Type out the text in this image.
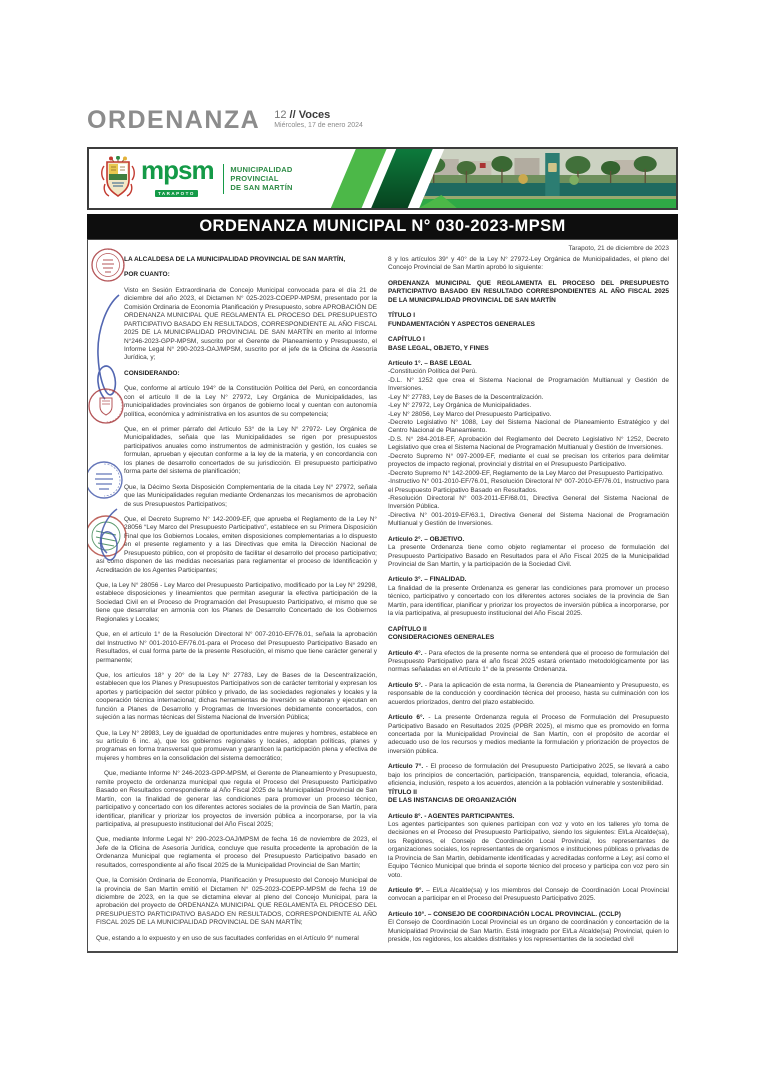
ORDENANZA 12 // Voces
Miércoles, 17 de enero 2024
mpsm
TARAPOTO
MUNICIPALIDAD PROVINCIAL
DE SAN MARTÍN
ORDENANZA MUNICIPAL N° 030-2023-MPSM
Tarapoto, 21 de diciembre de 2023

LA ALCALDESA DE LA MUNICIPALIDAD PROVINCIAL DE SAN MARTÍN,

POR CUANTO:

Visto en Sesión Extraordinaria de Concejo Municipal convocada para el día 21 de diciembre del año 2023, el Dictamen N° 025-2023-COEPP-MPSM, presentado por la Comisión Ordinaria de Economía Planificación y Presupuesto, sobre APROBACIÓN DE ORDENANZA MUNICIPAL QUE REGLAMENTA EL PROCESO DEL PRESUPUESTO PARTICIPATIVO BASADO EN RESULTADOS, CORRESPONDIENTE AL AÑO FISCAL 2025 DE LA MUNICIPALIDAD PROVINCIAL DE SAN MARTÍN en merito al Informe N°246-2023-GPP-MPSM, suscrito por el Gerente de Planeamiento y Presupuesto, el Informe Legal N° 290-2023-OAJ/MPSM, suscrito por el jefe de la Oficina de Asesoría Jurídica, y;

CONSIDERANDO:

Que, conforme al artículo 194° de la Constitución Política del Perú, en concordancia con el artículo II de la Ley N° 27972, Ley Orgánica de Municipalidades, las municipalidades provinciales son órganos de gobierno local y cuentan con autonomía política, económica y administrativa en los asuntos de su competencia;

Que, en el primer párrafo del Artículo 53° de la Ley N° 27972- Ley Orgánica de Municipalidades, señala que las Municipalidades se rigen por presupuestos participativos anuales como instrumentos de administración y gestión, los cuales se formulan, aprueban y ejecutan conforme a la ley de la materia, y en concordancia con los planes de desarrollo concertados de su jurisdicción. El presupuesto participativo forma parte del sistema de planificación;

Que, la Décimo Sexta Disposición Complementaria de la citada Ley N° 27972, señala que las Municipalidades regulan mediante Ordenanzas los mecanismos de aprobación de sus Presupuestos Participativos;

Que, el Decreto Supremo N° 142-2009-EF, que aprueba el Reglamento de la Ley N° 28056 “Ley Marco del Presupuesto Participativo”, establece en su Primera Disposición Final que los Gobiernos Locales, emiten disposiciones complementarias a lo dispuesto en el presente reglamento y a las Directivas que emita la Dirección Nacional de Presupuesto público, con el propósito de facilitar el desarrollo del proceso participativo; así como disponen de las medidas necesarias para reglamentar el proceso de Identificación y Acreditación de los Agentes Participantes;

Que, la Ley N° 28056 - Ley Marco del Presupuesto Participativo, modificado por la Ley N° 29298, establece disposiciones y lineamientos que permitan asegurar la efectiva participación de la Sociedad Civil en el Proceso de Programación del Presupuesto Participativo, el mismo que se tiene que desarrollar en armonía con los Planes de Desarrollo Concertado de los Gobiernos Regionales y Locales;

Que, en el artículo 1° de la Resolución Directoral N° 007-2010-EF/76.01, señala la aprobación del Instructivo N° 001-2010-EF/76.01-para el Proceso del Presupuesto Participativo Basado en Resultados, el cual forma parte de la presente Resolución, el mismo que tiene carácter general y permanente;

Que, los artículos 18° y 20° de la Ley N° 27783, Ley de Bases de la Descentralización, establecen que los Planes y Presupuestos Participativos son de carácter territorial y expresan los aportes y participación del sector público y privado, de las sociedades regionales y locales y la cooperación técnica internacional; dichas herramientas de inversión se elaboran y ejecutan en función a Planes de Desarrollo y Programas de Inversiones debidamente concertados, con sujeción a las normas técnicas del Sistema Nacional de Inversión Pública;

Que, la Ley N° 28983, Ley de igualdad de oportunidades entre mujeres y hombres, establece en su artículo 6 inc. a), que los gobiernos regionales y locales, adoptan políticas, planes y programas en forma transversal que promuevan y garanticen la participación plena y efectiva de mujeres y hombres en la consolidación del sistema democrático;

Que, mediante Informe N° 246-2023-GPP-MPSM, el Gerente de Planeamiento y Presupuesto, remite proyecto de ordenanza municipal que regula el Proceso del Presupuesto Participativo Basado en Resultados correspondiente al Año Fiscal 2025 de la Municipalidad Provincial de San Martín, con la finalidad de generar las condiciones para promover un proceso técnico, participativo y concertado con los diferentes actores sociales de la provincia de San Martín, para identificar, planificar y priorizar los proyectos de inversión pública a incorporarse, por la vía participativa, al presupuesto institucional del Año Fiscal 2025;

Que, mediante Informe Legal N° 290-2023-OAJ/MPSM de fecha 16 de noviembre de 2023, el Jefe de la Oficina de Asesoría Jurídica, concluye que resulta procedente la aprobación de la Ordenanza Municipal que reglamenta el proceso del Presupuesto Participativo basado en resultados, correspondiente al año fiscal 2025 de la Municipalidad Provincial de San Martín;

Que, la Comisión Ordinaria de Economía, Planificación y Presupuesto del Concejo Municipal de la provincia de San Martín emitió el Dictamen N° 025-2023-COEPP-MPSM de fecha 19 de diciembre de 2023, en la que se dictamina elevar al pleno del Concejo Municipal, para la aprobación del proyecto de ORDENANZA MUNICIPAL QUE REGLAMENTA EL PROCESO DEL PRESUPUESTO PARTICIPATIVO BASADO EN RESULTADOS, CORRESPONDIENTE AL AÑO FISCAL 2025 DE LA MUNICIPALIDAD PROVINCIAL DE SAN MARTÍN;

Que, estando a lo expuesto y en uso de sus facultades conferidas en el Artículo 9° numeral

8 y los artículos 39° y 40° de la Ley N° 27972-Ley Orgánica de Municipalidades, el pleno del Concejo Provincial de San Martín aprobó lo siguiente:

ORDENANZA MUNICIPAL QUE REGLAMENTA EL PROCESO DEL PRESUPUESTO PARTICIPATIVO BASADO EN RESULTADO CORRESPONDIENTES AL AÑO FISCAL 2025 DE LA MUNICIPALIDAD PROVINCIAL DE SAN MARTÍN

TÍTULO I
FUNDAMENTACIÓN Y ASPECTOS GENERALES

CAPÍTULO I
BASE LEGAL, OBJETO, Y FINES

Artículo 1°. – BASE LEGAL
-Constitución Política del Perú.
-D.L. N° 1252 que crea el Sistema Nacional de Programación Multianual y Gestión de Inversiones.
-Ley N° 27783, Ley de Bases de la Descentralización.
-Ley N° 27972, Ley Orgánica de Municipalidades.
-Ley N° 28056, Ley Marco del Presupuesto Participativo.
-Decreto Legislativo N° 1088, Ley del Sistema Nacional de Planeamiento Estratégico y del Centro Nacional de Planeamiento.
-D.S. N° 284-2018-EF, Aprobación del Reglamento del Decreto Legislativo N° 1252, Decreto Legislativo que crea el Sistema Nacional de Programación Multianual y Gestión de Inversiones.
-Decreto Supremo N° 097-2009-EF, mediante el cual se precisan los criterios para delimitar proyectos de impacto regional, provincial y distrital en el Presupuesto Participativo.
-Decreto Supremo N° 142-2009-EF, Reglamento de la Ley Marco del Presupuesto Participativo.
-Instructivo N° 001-2010-EF/76.01, Resolución Directoral N° 007-2010-EF/76.01, Instructivo para el Presupuesto Participativo Basado en Resultados.
-Resolución Directoral N° 003-2011-EF/68.01, Directiva General del Sistema Nacional de Inversión Pública.
-Directiva N° 001-2019-EF/63.1, Directiva General del Sistema Nacional de Programación Multianual y Gestión de Inversiones.

Artículo 2°. – OBJETIVO.
La presente Ordenanza tiene como objeto reglamentar el proceso de formulación del Presupuesto Participativo Basado en Resultados para el Año Fiscal 2025 de la Municipalidad Provincial de San Martín, y la participación de la Sociedad Civil.

Artículo 3°. – FINALIDAD.
La finalidad de la presente Ordenanza es generar las condiciones para promover un proceso técnico, participativo y concertado con los diferentes actores sociales de la provincia de San Martín, para identificar, planificar y priorizar los proyectos de inversión pública a incorporarse, por la vía participativa, al presupuesto institucional del Año Fiscal 2025.

CAPÍTULO II
CONSIDERACIONES GENERALES

Artículo 4°. - Para efectos de la presente norma se entenderá que el proceso de formulación del Presupuesto Participativo para el año fiscal 2025 estará orientado metodológicamente por las normas señaladas en el Artículo 1° de la presente Ordenanza.

Artículo 5°. - Para la aplicación de esta norma, la Gerencia de Planeamiento y Presupuesto, es responsable de la conducción y coordinación técnica del proceso, hasta su culminación con los acuerdos priorizados, dentro del plazo establecido.

Artículo 6°. - La presente Ordenanza regula el Proceso de Formulación del Presupuesto Participativo Basado en Resultados 2025 (PPBR 2025), el mismo que es promovido en forma concertada por la Municipalidad Provincial de San Martín, con el propósito de acordar el adecuado uso de los recursos y medios mediante la formulación y priorización de proyectos de inversión pública.

Artículo 7°. - El proceso de formulación del Presupuesto Participativo 2025, se llevará a cabo bajo los principios de concertación, participación, transparencia, equidad, tolerancia, eficacia, eficiencia, inclusión, respeto a los acuerdos, atención a la población vulnerable y sostenibilidad.

TÍTULO II
DE LAS INSTANCIAS DE ORGANIZACIÓN

Artículo 8°. - AGENTES PARTICIPANTES.
Los agentes participantes son quienes participan con voz y voto en los talleres y/o toma de decisiones en el Proceso del Presupuesto Participativo, siendo los siguientes: El/La Alcalde(sa), los Regidores, el Consejo de Coordinación Local Provincial, los representantes de organizaciones sociales, los representantes de organismos e instituciones públicas o privadas de la Provincia de San Martín, debidamente identificadas y acreditadas conforme a Ley; así como el Equipo Técnico Municipal que brinda el soporte técnico del proceso y participa con voz pero sin voto.

Artículo 9°. – El/La Alcalde(sa) y los miembros del Consejo de Coordinación Local Provincial convocan a participar en el Proceso del Presupuesto Participativo 2025.

Artículo 10°. – CONSEJO DE COORDINACIÓN LOCAL PROVINCIAL. (CCLP)
El Consejo de Coordinación Local Provincial es un órgano de coordinación y concertación de la Municipalidad Provincial de San Martín. Está integrado por El/La Alcalde(sa) Provincial, quien lo preside, los regidores, los alcaldes distritales y los representantes de la sociedad civil
